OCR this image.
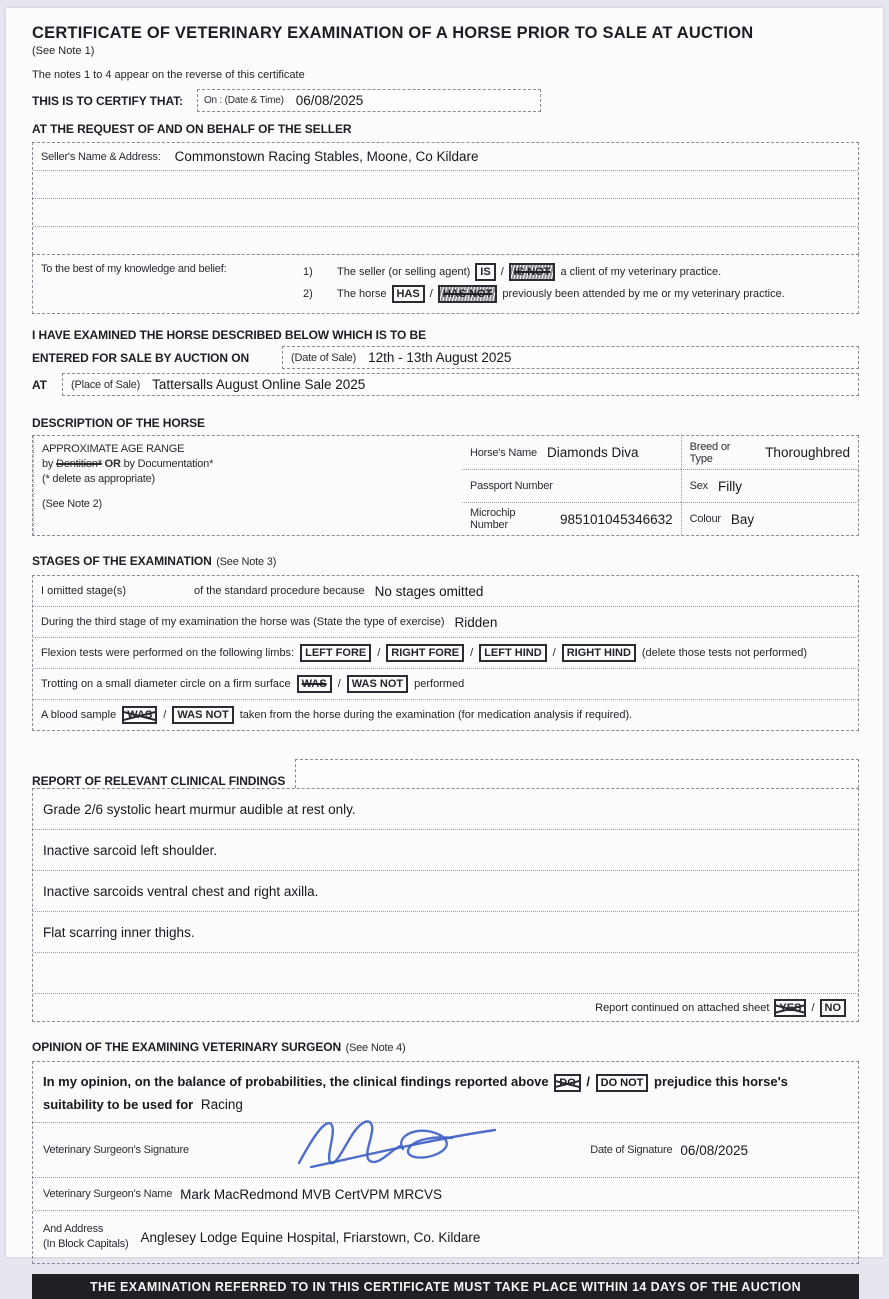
CERTIFICATE OF VETERINARY EXAMINATION OF A HORSE PRIOR TO SALE AT AUCTION
(See Note 1)
The notes 1 to 4 appear on the reverse of this certificate
THIS IS TO CERTIFY THAT: On : (Date & Time) 06/08/2025
AT THE REQUEST OF AND ON BEHALF OF THE SELLER
Seller's Name & Address: Commonstown Racing Stables, Moone, Co Kildare
To the best of my knowledge and belief:	1)	The seller (or selling agent) IS / IS NOT a client of my veterinary practice.
2)	The horse HAS / HAS NOT previously been attended by me or my veterinary practice.
I HAVE EXAMINED THE HORSE DESCRIBED BELOW WHICH IS TO BE
ENTERED FOR SALE BY AUCTION ON	(Date of Sale) 12th - 13th August 2025
AT	(Place of Sale) Tattersalls August Online Sale 2025
DESCRIPTION OF THE HORSE
Horse's Name Diamonds Diva	Breed or Type	Thoroughbred
APPROXIMATE AGE RANGE
by Dentition* OR by Documentation*
(* delete as appropriate)
(See Note 2)
Passport Number	Sex Filly
Microchip Number	985101045346632 Colour Bay
STAGES OF THE EXAMINATION (See Note 3)
I omitted stage(s)	of the standard procedure because No stages omitted
During the third stage of my examination the horse was (State the type of exercise) Ridden
Flexion tests were performed on the following limbs:	LEFT FORE	/	RIGHT FORE	/	LEFT HIND	/	RIGHT HIND	(delete those tests not performed)
Trotting on a small diameter circle on a firm surface	WAS	/	WAS NOT	performed
A blood sample	WAS	/	WAS NOT	taken from the horse during the examination (for medication analysis if required).
REPORT OF RELEVANT CLINICAL FINDINGS
Grade 2/6 systolic heart murmur audible at rest only.
Inactive sarcoid left shoulder.
Inactive sarcoids ventral chest and right axilla.
Flat scarring inner thighs.
Report continued on attached sheet YES / NO
OPINION OF THE EXAMINING VETERINARY SURGEON (See Note 4)
In my opinion, on the balance of probabilities, the clinical findings reported above DO / DO NOT prejudice this horse's suitability to be used for Racing
Veterinary Surgeon's Signature	Date of Signature 06/08/2025
Veterinary Surgeon's Name Mark MacRedmond MVB CertVPM MRCVS
And Address
(In Block Capitals) Anglesey Lodge Equine Hospital, Friarstown, Co. Kildare
THE EXAMINATION REFERRED TO IN THIS CERTIFICATE MUST TAKE PLACE WITHIN 14 DAYS OF THE AUCTION
